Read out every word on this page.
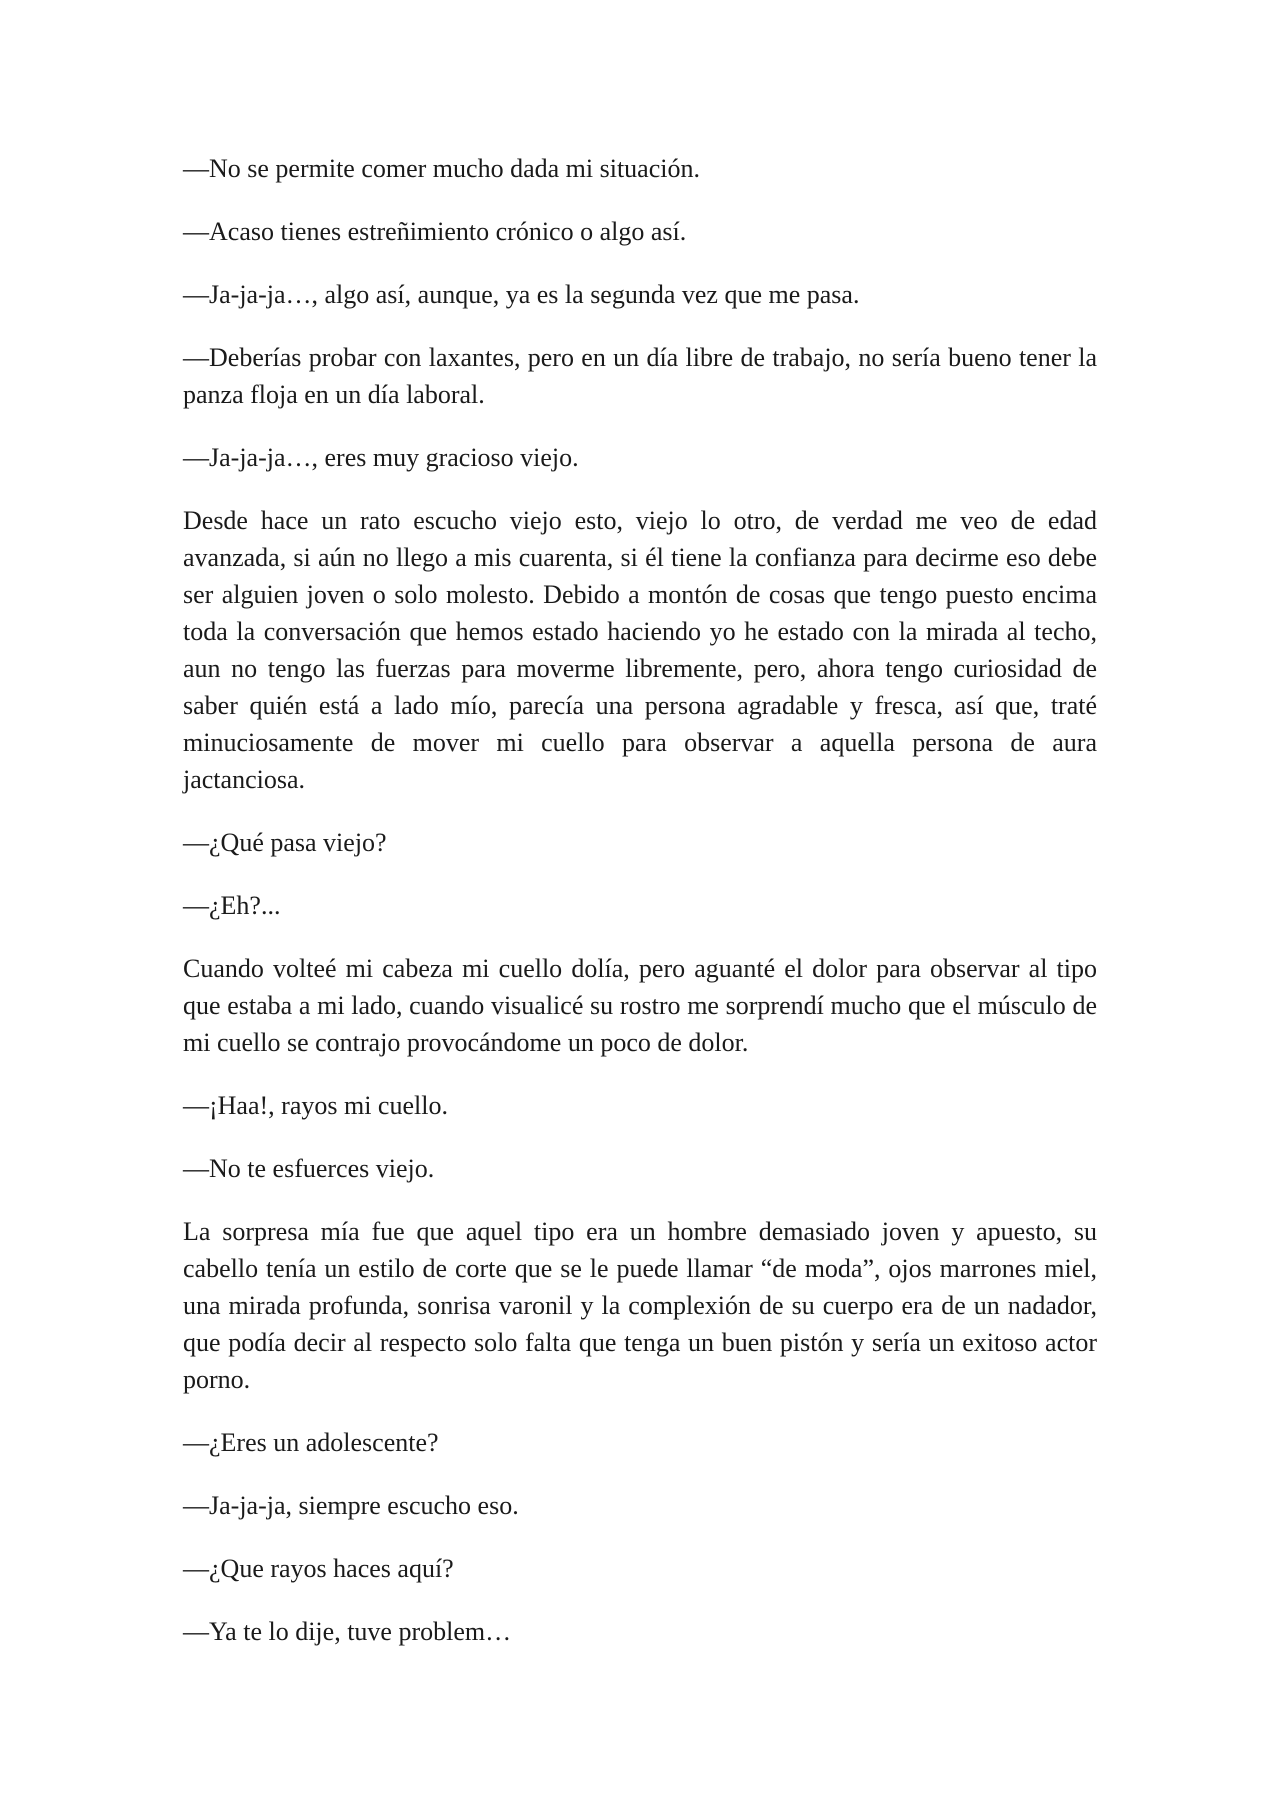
—No se permite comer mucho dada mi situación.

—Acaso tienes estreñimiento crónico o algo así.

—Ja-ja-ja…, algo así, aunque, ya es la segunda vez que me pasa.

—Deberías probar con laxantes, pero en un día libre de trabajo, no sería bueno tener la panza floja en un día laboral.

—Ja-ja-ja…, eres muy gracioso viejo.

Desde hace un rato escucho viejo esto, viejo lo otro, de verdad me veo de edad avanzada, si aún no llego a mis cuarenta, si él tiene la confianza para decirme eso debe ser alguien joven o solo molesto. Debido a montón de cosas que tengo puesto encima toda la conversación que hemos estado haciendo yo he estado con la mirada al techo, aun no tengo las fuerzas para moverme libremente, pero, ahora tengo curiosidad de saber quién está a lado mío, parecía una persona agradable y fresca, así que, traté minuciosamente de mover mi cuello para observar a aquella persona de aura jactanciosa.

—¿Qué pasa viejo?

—¿Eh?...

Cuando volteé mi cabeza mi cuello dolía, pero aguanté el dolor para observar al tipo que estaba a mi lado, cuando visualicé su rostro me sorprendí mucho que el músculo de mi cuello se contrajo provocándome un poco de dolor.

—¡Haa!, rayos mi cuello.

—No te esfuerces viejo.

La sorpresa mía fue que aquel tipo era un hombre demasiado joven y apuesto, su cabello tenía un estilo de corte que se le puede llamar “de moda”, ojos marrones miel, una mirada profunda, sonrisa varonil y la complexión de su cuerpo era de un nadador, que podía decir al respecto solo falta que tenga un buen pistón y sería un exitoso actor porno.

—¿Eres un adolescente?

—Ja-ja-ja, siempre escucho eso.

—¿Que rayos haces aquí?

—Ya te lo dije, tuve problem…
